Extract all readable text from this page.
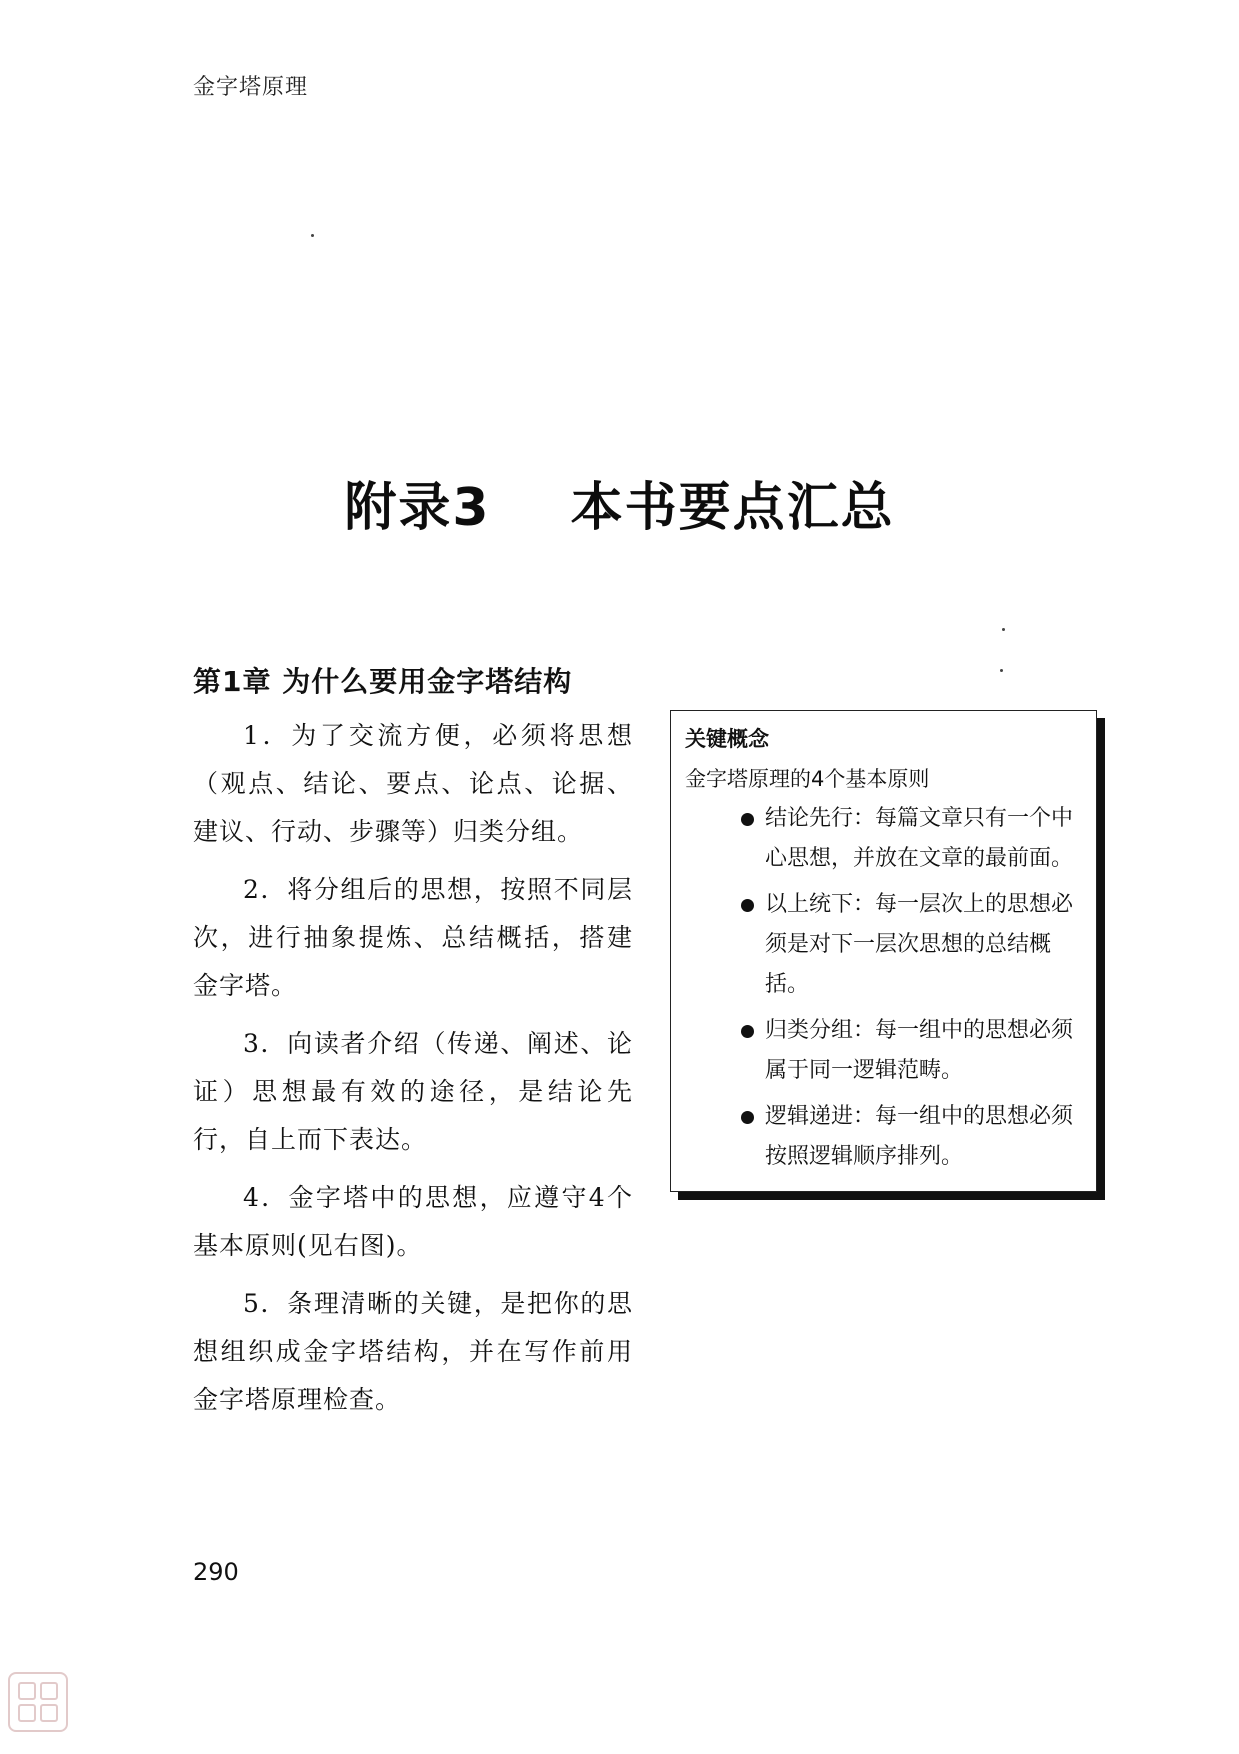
金字塔原理
附录3 本书要点汇总
第1章 为什么要用金字塔结构

1．为了交流方便，必须将思想（观点、结论、要点、论点、论据、建议、行动、步骤等）归类分组。

2．将分组后的思想，按照不同层次，进行抽象提炼、总结概括，搭建金字塔。

3．向读者介绍（传递、阐述、论证）思想最有效的途径，是结论先行，自上而下表达。

4．金字塔中的思想，应遵守4个基本原则(见右图)。

5．条理清晰的关键，是把你的思想组织成金字塔结构，并在写作前用金字塔原理检查。

关键概念
金字塔原理的4个基本原则
结论先行：每篇文章只有一个中心思想，并放在文章的最前面。
以上统下：每一层次上的思想必须是对下一层次思想的总结概括。
归类分组：每一组中的思想必须属于同一逻辑范畴。
逻辑递进：每一组中的思想必须按照逻辑顺序排列。
290
